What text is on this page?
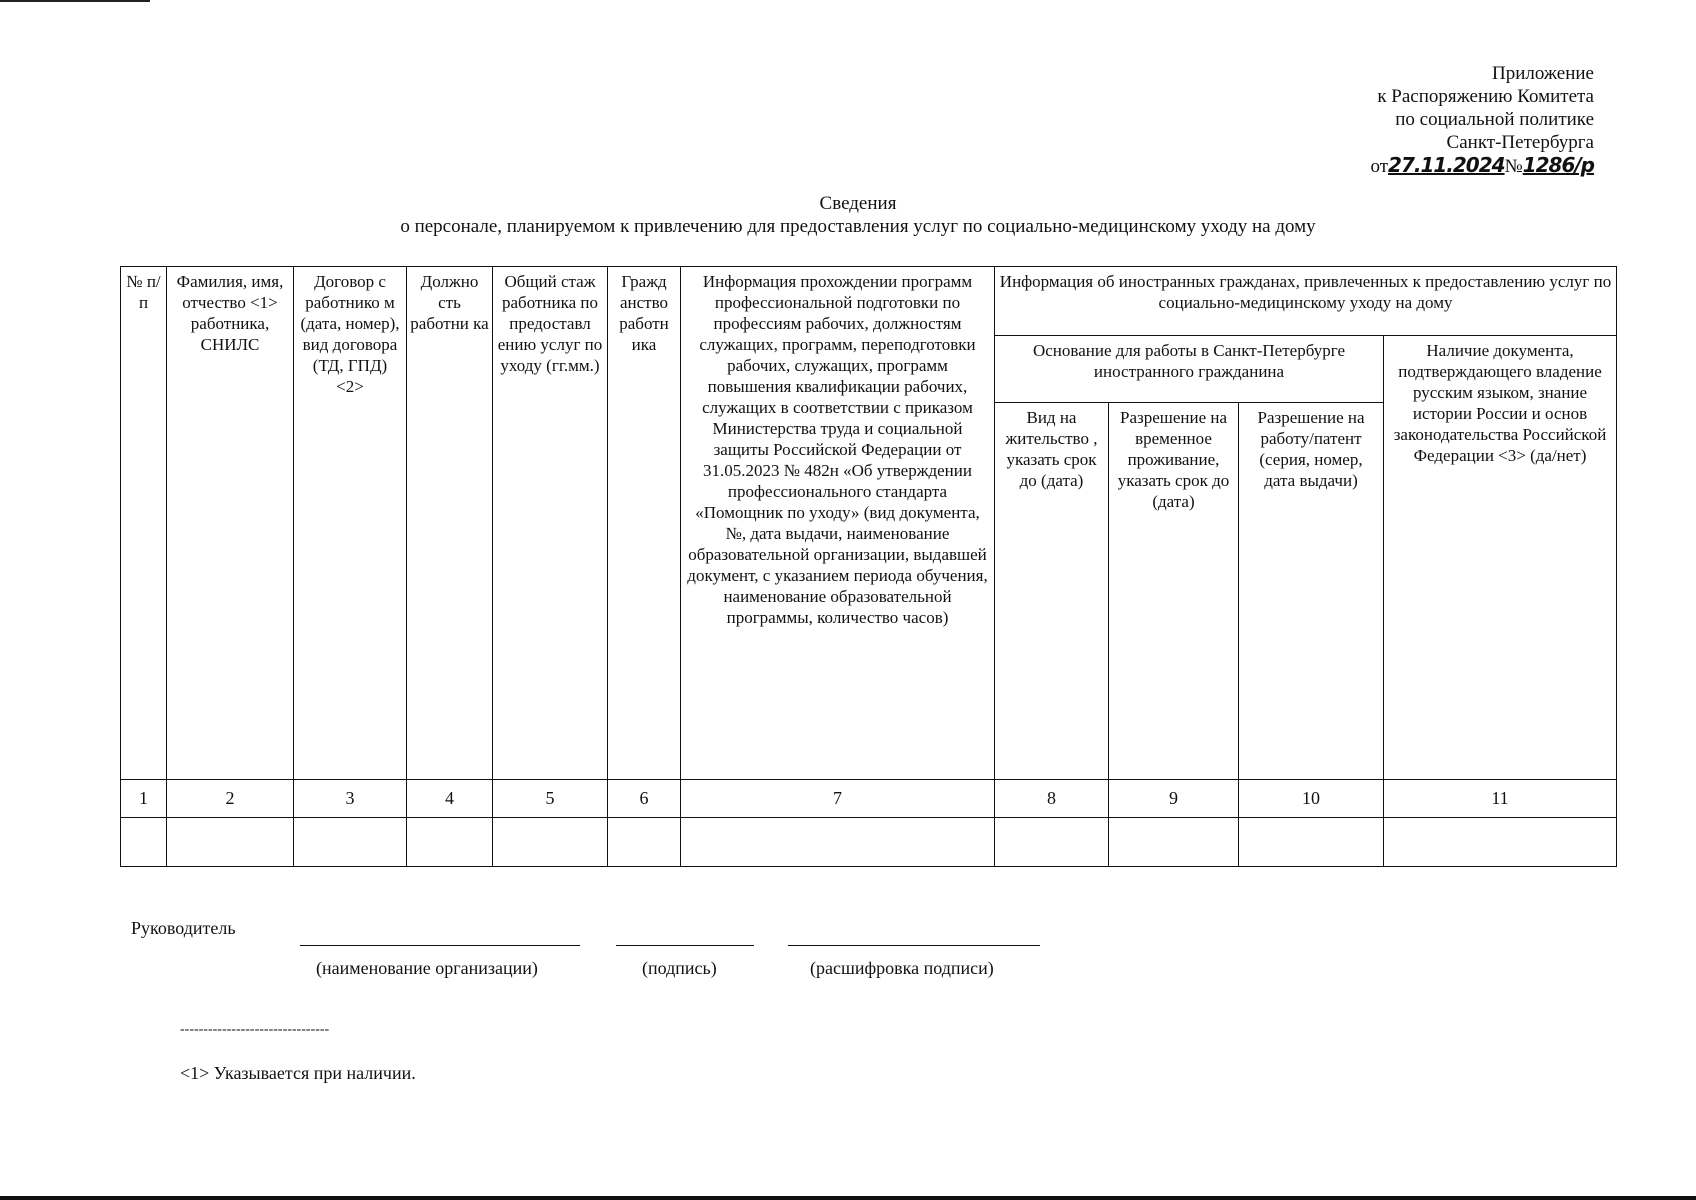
Приложение
к Распоряжению Комитета
по социальной политике
Санкт-Петербурга
от27.11.2024№1286/р
Сведения
о персонале, планируемом к привлечению для предоставления услуг по социально-медицинскому уходу на дому
№ п/п	Фамилия, имя, отчество <1> работника, СНИЛС	Договор с работнико м (дата, номер), вид договора (ТД, ГПД) <2>	Должно сть работни ка	Общий стаж работника по предоставл ению услуг по уходу (гг.мм.)	Гражд анство работн ика	Информация прохождении программ профессиональной подготовки по профессиям рабочих, должностям служащих, программ, переподготовки рабочих, служащих, программ повышения квалификации рабочих, служащих в соответствии с приказом Министерства труда и социальной защиты Российской Федерации от 31.05.2023 № 482н «Об утверждении профессионального стандарта «Помощник по уходу» (вид документа, №, дата выдачи, наименование образовательной организации, выдавшей документ, с указанием периода обучения, наименование образовательной программы, количество часов)	Информация об иностранных гражданах, привлеченных к предоставлению услуг по социально-медицинскому уходу на дому			
							Основание для работы в Санкт-Петербурге иностранного гражданина			Наличие документа, подтверждающего владение русским языком, знание истории России и основ законодательства Российской Федерации <3> (да/нет)
							Вид на жительство , указать срок до (дата)	Разрешение на временное проживание, указать срок до (дата)	Разрешение на работу/патент (серия, номер, дата выдачи)	
1	2	3	4	5	6	7	8	9	10	11

Руководитель
(наименование организации)	(подпись)	(расшифровка подписи)
--------------------------------
<1> Указывается при наличии.
